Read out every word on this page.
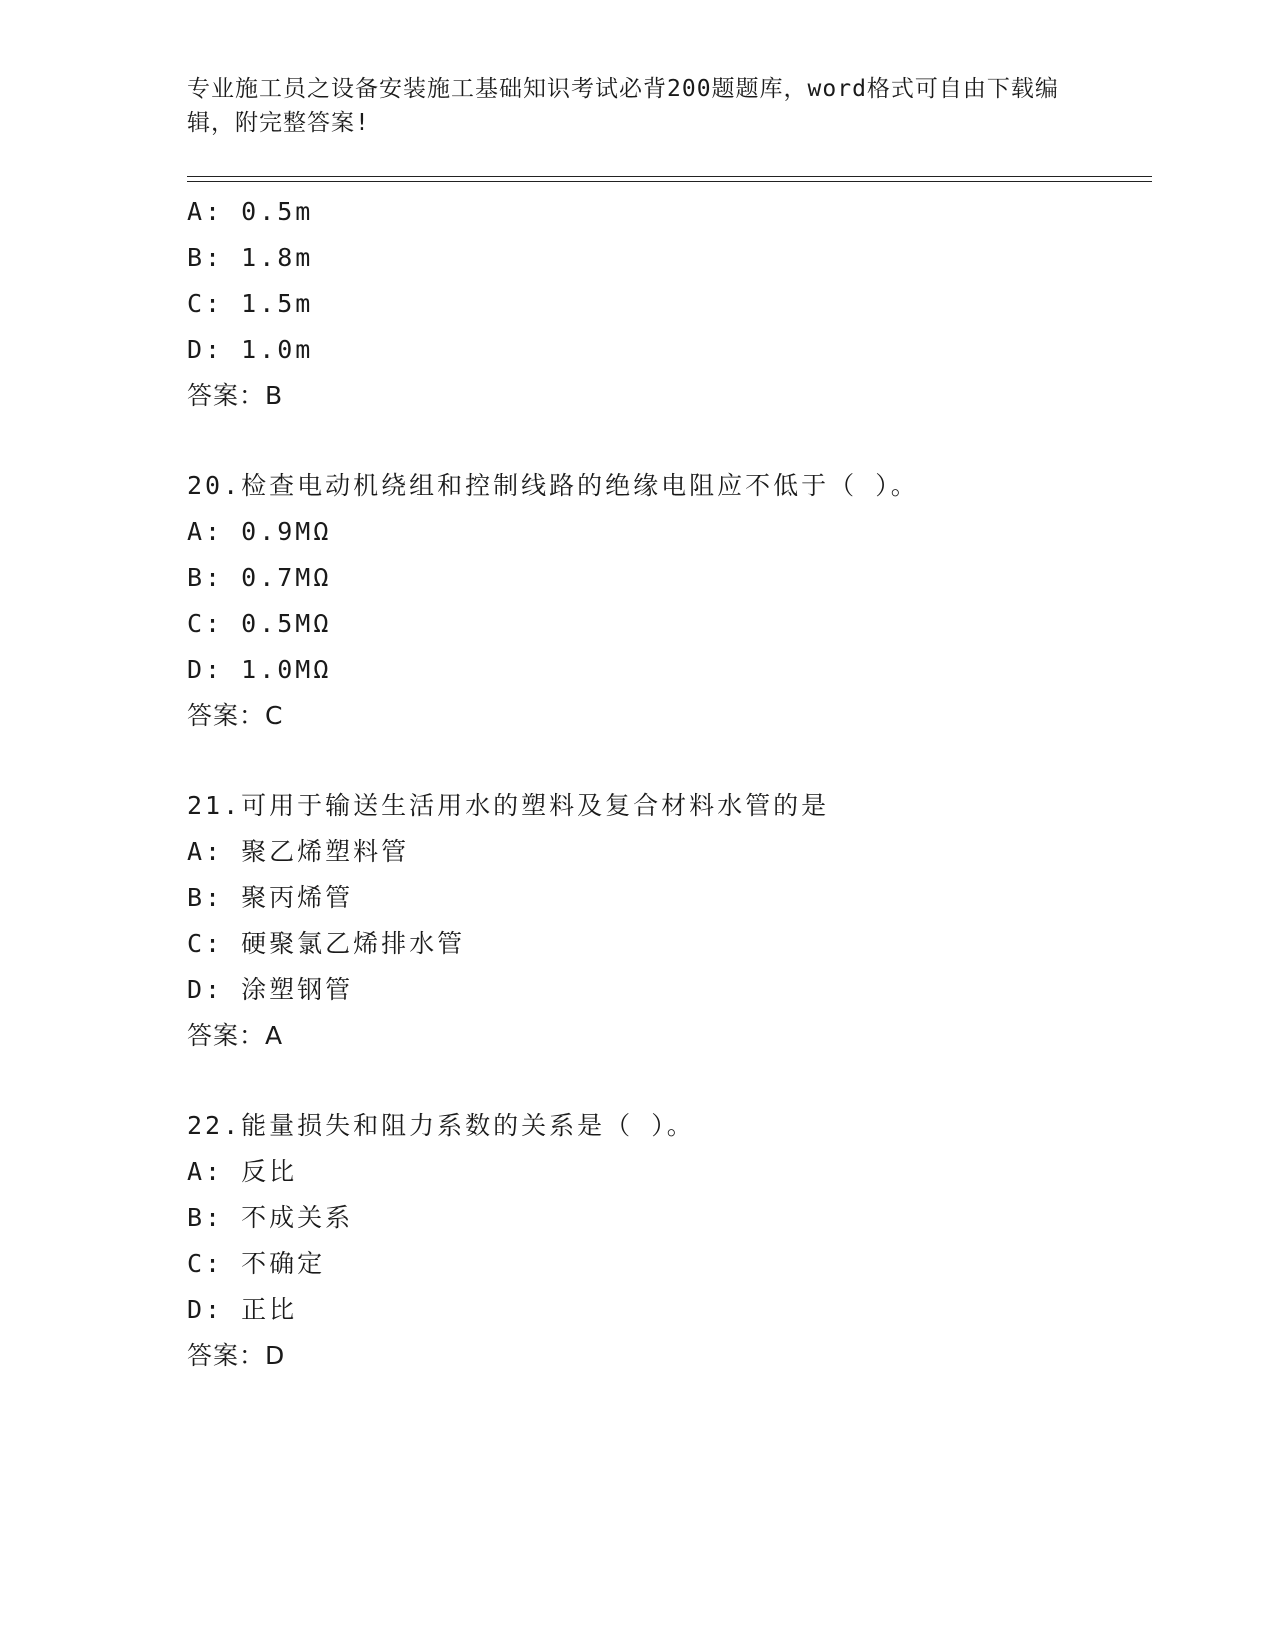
专业施工员之设备安装施工基础知识考试必背200题题库，word格式可自由下载编辑，附完整答案!
A: 0.5m
B: 1.8m
C: 1.5m
D: 1.0m
答案：B
20.检查电动机绕组和控制线路的绝缘电阻应不低于（ ）。
A: 0.9MΩ
B: 0.7MΩ
C: 0.5MΩ
D: 1.0MΩ
答案：C
21.可用于输送生活用水的塑料及复合材料水管的是
A: 聚乙烯塑料管
B: 聚丙烯管
C: 硬聚氯乙烯排水管
D: 涂塑钢管
答案：A
22.能量损失和阻力系数的关系是（ ）。
A: 反比
B: 不成关系
C: 不确定
D: 正比
答案：D
